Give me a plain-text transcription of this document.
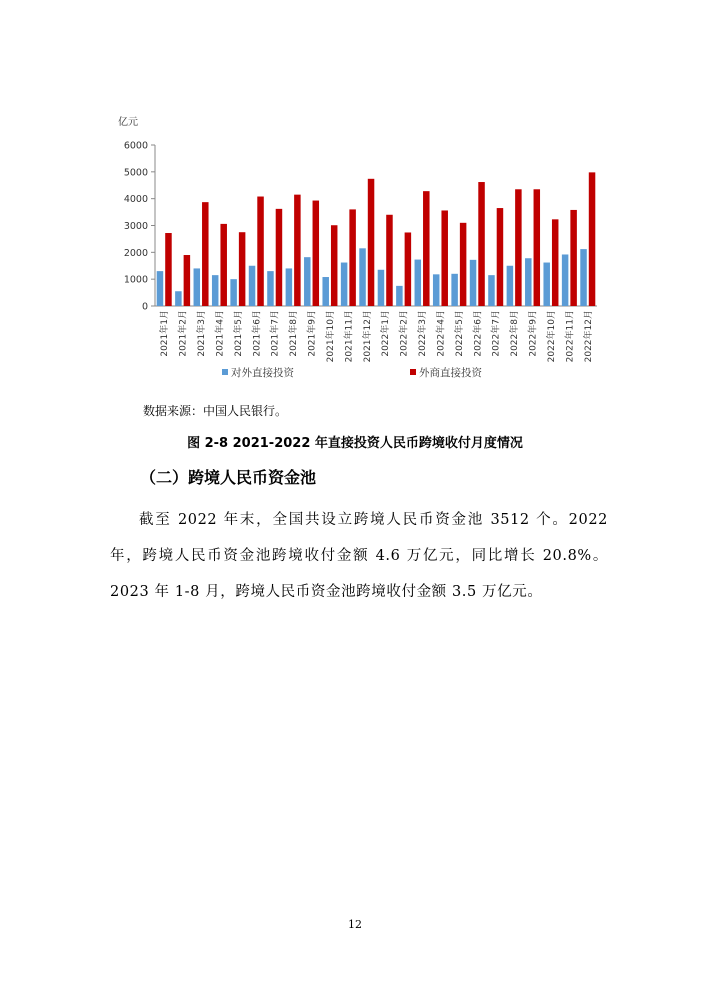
亿元
0
1000
2000
3000
4000
5000
6000
2021年1月 2021年2月 2021年3月 2021年4月 2021年5月 2021年6月 2021年7月 2021年8月 2021年9月 2021年10月 2021年11月 2021年12月 2022年1月 2022年2月 2022年3月 2022年4月 2022年5月 2022年6月 2022年7月 2022年8月 2022年9月 2022年10月 2022年11月 2022年12月
对外直接投资	外商直接投资
数据来源：中国人民银行。
图 2-8 2021-2022 年直接投资人民币跨境收付月度情况
（二）跨境人民币资金池

截至 2022 年末，全国共设立跨境人民币资金池 3512 个。2022 年，跨境人民币资金池跨境收付金额 4.6 万亿元，同比增长 20.8%。2023 年 1-8 月，跨境人民币资金池跨境收付金额 3.5 万亿元。

12
